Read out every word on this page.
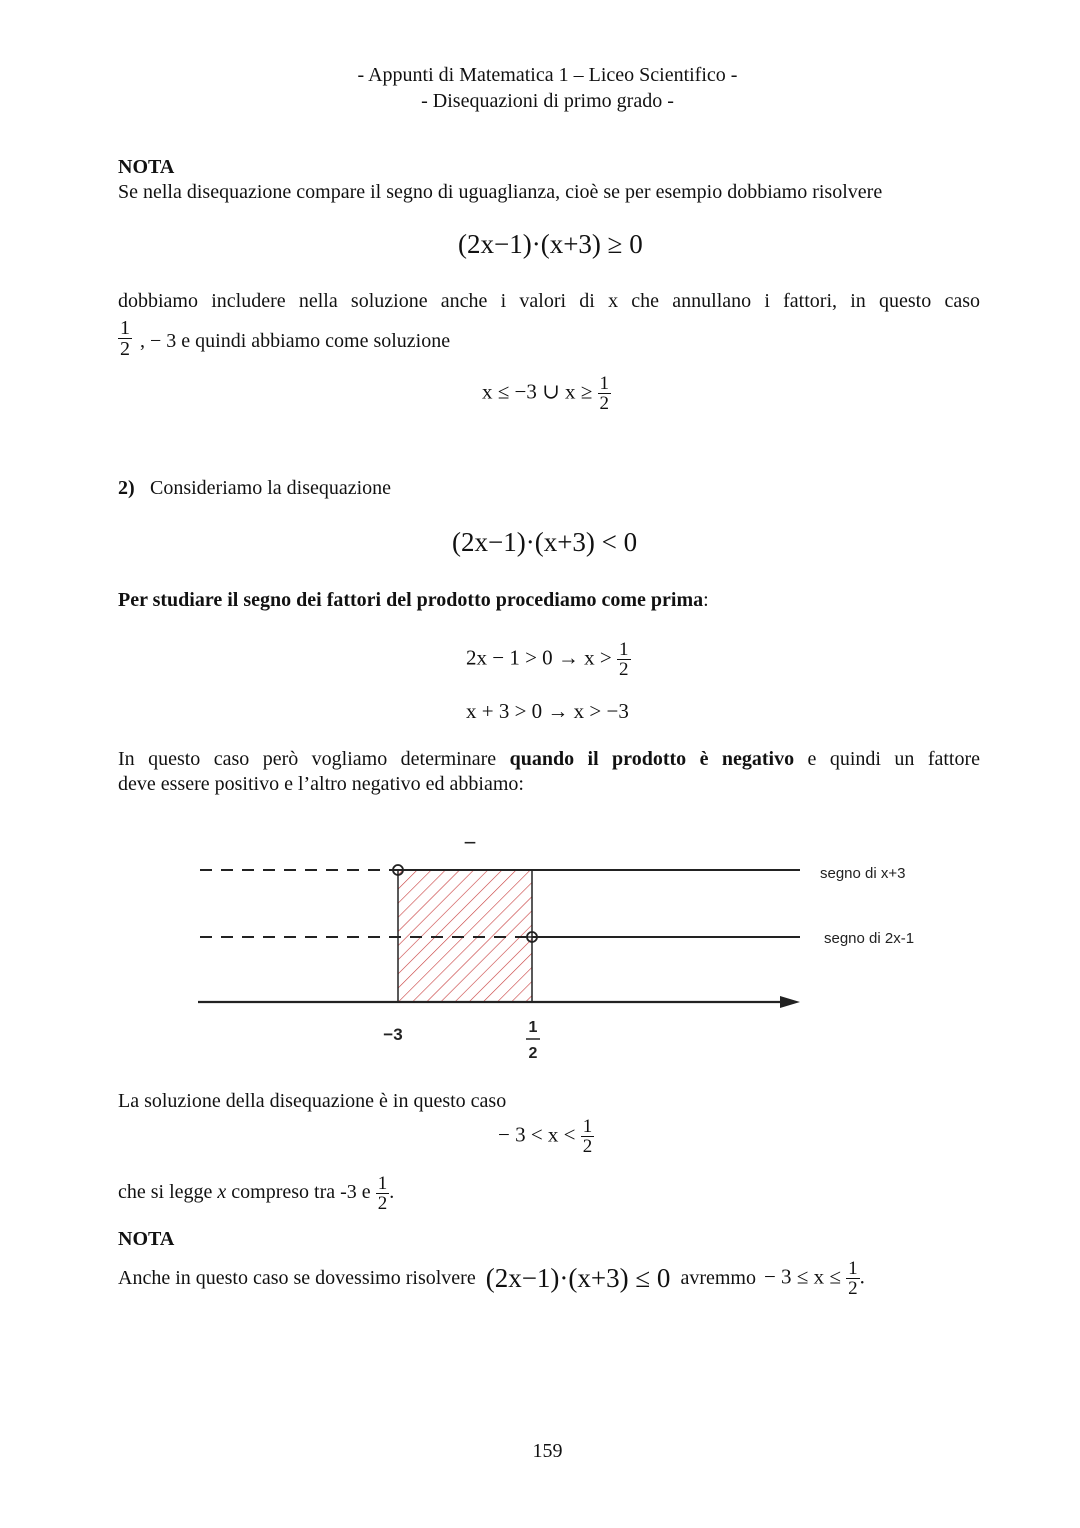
- Appunti di Matematica 1 – Liceo Scientifico -
- Disequazioni di primo grado -
NOTA
Se nella disequazione compare il segno di uguaglianza, cioè se per esempio dobbiamo risolvere
(2x−1)·(x+3) ≥ 0
dobbiamo includere nella soluzione anche i valori di x che annullano i fattori, in questo caso
$\frac{1}{2}$ , − 3 e quindi abbiamo come soluzione
x ≤ −3 ∪ $x \ge \frac{1}{2}$
2) Consideriamo la disequazione
(2x−1)·(x+3) < 0
Per studiare il segno dei fattori del prodotto procediamo come prima:
$2x - 1 > 0 \to x > \frac{1}{2}$
x + 3 > 0 → x > −3
In questo caso però vogliamo determinare quando il prodotto è negativo e quindi un fattore
deve essere positivo e l’altro negativo ed abbiamo:
−
segno di x+3
segno di 2x-1
−3	1
2
La soluzione della disequazione è in questo caso
− $3 < x < \frac{1}{2}$
che si legge x compreso tra -3 e $\frac{1}{2}$ .
NOTA
Anche in questo caso se dovessimo risolvere (2x−1)·(x+3) ≤ 0 avremmo − $3 \le x \le \frac{1}{2}$ .
159
